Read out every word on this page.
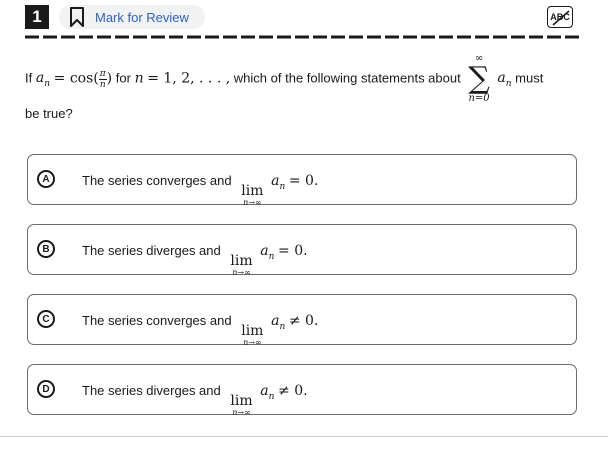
1	Mark for Review	ABC
If $a_n = \cos( \frac{\pi}{n}$ ) for n = 1, 2, . . . , which of the following statements about
∞
∑
n=0
$a_n$ must
be true?
A	The series converges and
lim
n→∞
$a_n = 0$.
B	The series diverges and
lim
n→∞
$a_n = 0$.
C	The series converges and
lim
n→∞
$a_n \ne 0$.
D	The series diverges and
lim
n→∞
$a_n \ne 0$.
